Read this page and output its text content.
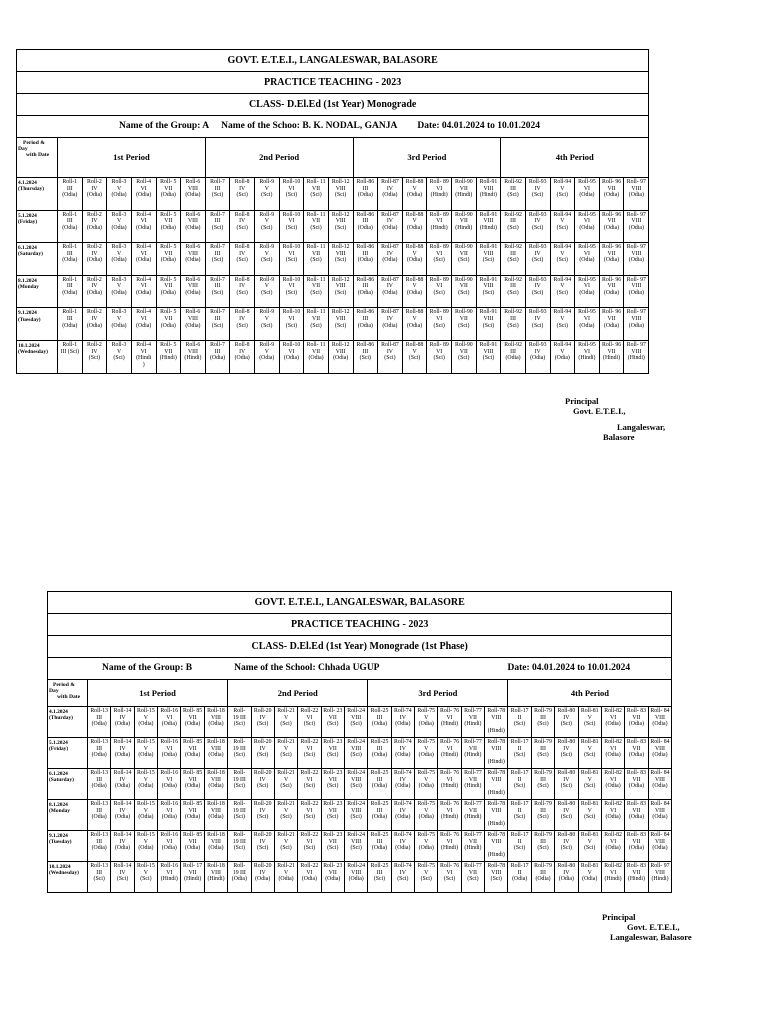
GOVT. E.T.E.I., LANGALESWAR, BALASORE																								
PRACTICE TEACHING - 2023																								
CLASS- D.El.Ed (1st Year) Monograde																								
Name of the Group: A Name of the Schoo: B. K. NODAL, GANJA Date: 04.01.2024 to 10.01.2024																								

Period &
Day
with Date	1st Period						2nd Period						3rd Period						4th Period					

4.1.2024
(Thursday)	Roll-1
III
(Odia)	Roll-2
IV
(Odia)	Roll-3
V
(Odia)	Roll-4
VI
(Odia)	Roll- 5
VII
(Odia)	Roll-6
VIII
(Odia)	Roll-7
III
(Sci)	Roll-8
IV
(Sci)	Roll-9
V
(Sci)	Roll-10
VI
(Sci)	Roll- 11
VII
(Sci)	Roll-12
VIII
(Sci)	Roll-86
III
(Odia)	Roll-87
IV
(Odia)	Roll-88
V
(Odia)	Roll- 89
VI
(Hindi)	Roll-90
VII
(Hindi)	Roll-91
VIII
(Hindi)	Roll-92
III
(Sci)	Roll-93
IV
(Sci)	Roll-94
V
(Sci)	Roll-95
VI
(Odia)	Roll- 96
VII
(Odia)	Roll- 97
VIII
(Odia)

5.1.2024
(Friday)	Roll-1
III
(Odia)	Roll-2
IV
(Odia)	Roll-3
V
(Odia)	Roll-4
VI
(Odia)	Roll- 5
VII
(Odia)	Roll-6
VIII
(Odia)	Roll-7
III
(Sci)	Roll-8
IV
(Sci)	Roll-9
V
(Sci)	Roll-10
VI
(Sci)	Roll- 11
VII
(Sci)	Roll-12
VIII
(Sci)	Roll-86
III
(Odia)	Roll-87
IV
(Odia)	Roll-88
V
(Odia)	Roll- 89
VI
(Hindi)	Roll-90
VII
(Hindi)	Roll-91
VIII
(Hindi)	Roll-92
III
(Sci)	Roll-93
IV
(Sci)	Roll-94
V
(Sci)	Roll-95
VI
(Odia)	Roll- 96
VII
(Odia)	Roll- 97
VIII
(Odia)

6.1.2024
(Saturday)	Roll-1
III
(Odia)	Roll-2
IV
(Odia)	Roll-3
V
(Odia)	Roll-4
VI
(Odia)	Roll- 5
VII
(Odia)	Roll-6
VIII
(Odia)	Roll-7
III
(Sci)	Roll-8
IV
(Sci)	Roll-9
V
(Sci)	Roll-10
VI
(Sci)	Roll- 11
VII
(Sci)	Roll-12
VIII
(Sci)	Roll-86
III
(Odia)	Roll-87
IV
(Odia)	Roll-88
V
(Odia)	Roll- 89
VI
(Sci)	Roll-90
VII
(Sci)	Roll-91
VIII
(Sci)	Roll-92
III
(Sci)	Roll-93
IV
(Sci)	Roll-94
V
(Sci)	Roll-95
VI
(Odia)	Roll- 96
VII
(Odia)	Roll- 97
VIII
(Odia)

8.1.2024
(Monday	Roll-1
III
(Odia)	Roll-2
IV
(Odia)	Roll-3
V
(Odia)	Roll-4
VI
(Odia)	Roll- 5
VII
(Odia)	Roll-6
VIII
(Odia)	Roll-7
III
(Sci)	Roll-8
IV
(Sci)	Roll-9
V
(Sci)	Roll-10
VI
(Sci)	Roll- 11
VII
(Sci)	Roll-12
VIII
(Sci)	Roll-86
III
(Odia)	Roll-87
IV
(Odia)	Roll-88
V
(Odia)	Roll- 89
VI
(Sci)	Roll-90
VII
(Sci)	Roll-91
VIII
(Sci)	Roll-92
III
(Sci)	Roll-93
IV
(Sci)	Roll-94
V
(Sci)	Roll-95
VI
(Odia)	Roll- 96
VII
(Odia)	Roll- 97
VIII
(Odia)

9.1.2024
(Tuesday)	Roll-1
III
(Odia)	Roll-2
IV
(Odia)	Roll-3
V
(Odia)	Roll-4
VI
(Odia)	Roll- 5
VII
(Odia)	Roll-6
VIII
(Odia)	Roll-7
III
(Sci)	Roll-8
IV
(Sci)	Roll-9
V
(Sci)	Roll-10
VI
(Sci)	Roll- 11
VII
(Sci)	Roll-12
VIII
(Sci)	Roll-86
III
(Odia)	Roll-87
IV
(Odia)	Roll-88
V
(Odia)	Roll- 89
VI
(Sci)	Roll-90
VII
(Sci)	Roll-91
VIII
(Sci)	Roll-92
III
(Sci)	Roll-93
IV
(Sci)	Roll-94
V
(Sci)	Roll-95
VI
(Odia)	Roll- 96
VII
(Odia)	Roll- 97
VIII
(Odia)

10.1.2024
(Wednesday)	Roll-1
III (Sci)	Roll-2
IV
(Sci)	Roll-3
V
(Sci)	Roll-4
VI
(Hindi
)	Roll- 5
VII
(Hindi)	Roll-6
VIII
(Hindi)	Roll-7
III
(Odia)	Roll-8
IV
(Odia)	Roll-9
V
(Odia)	Roll-10
VI
(Odia)	Roll- 11
VII
(Odia)	Roll-12
VIII
(Odia)	Roll-86
III
(Sci)	Roll-87
IV
(Sci)	Roll-88
V
(Sci)	Roll- 89
VI
(Sci)	Roll-90
VII
(Sci)	Roll-91
VIII
(Sci)	Roll-92
III
(Odia)	Roll-93
IV
(Odia)	Roll-94
V
(Odia)	Roll-95
VI
(Hindi)	Roll- 96
VII
(Hindi)	Roll- 97
VIII
(Hindi)
Principal
Govt. E.T.E.I.,
Langaleswar,
Balasore
GOVT. E.T.E.I., LANGALESWAR, BALASORE																									
PRACTICE TEACHING - 2023																									
CLASS- D.El.Ed (1st Year) Monograde (1st Phase)																									
Name of the Group: B Name of the School: Chhada UGUP Date: 04.01.2024 to 10.01.2024																									

Period &
Day
with Date	1st Period						2nd Period						3rd Period						4th Period						

4.1.2024
(Thurday)	Roll-13
III
(Odia)	Roll-14
IV
(Odia)	Roll-15
V
(Odia)	Roll-16
VI
(Odia)	Roll- 85
VII
(Odia)	Roll-18
VIII
(Odia)	Roll-
19 III
(Sci)	Roll-20
IV
(Sci)	Roll-21
V
(Sci)	Roll-22
VI
(Sci)	Roll- 23
VII
(Sci)	Roll-24
VIII
(Sci)	Roll-25
III
(Odia)	Roll-74
IV
(Odia)	Roll-75
V
(Odia)	Roll- 76
VI
(Hindi)	Roll-77
VII
(Hindi)	Roll-78
VIII

(Hindi)	Roll-17
II
(Sci)	Roll-79
III
(Sci)	Roll-80
IV
(Sci)	Roll-81
V
(Sci)	Roll-82
VI
(Odia)	Roll- 83
VII
(Odia)	Roll- 84
VIII
(Odia)

5.1.2024
(Friday)	Roll-13
III
(Odia)	Roll-14
IV
(Odia)	Roll-15
V
(Odia)	Roll-16
VI
(Odia)	Roll- 85
VII
(Odia)	Roll-18
VIII
(Odia)	Roll-
19 III
(Sci)	Roll-20
IV
(Sci)	Roll-21
V
(Sci)	Roll-22
VI
(Sci)	Roll- 23
VII
(Sci)	Roll-24
VIII
(Sci)	Roll-25
III
(Odia)	Roll-74
IV
(Odia)	Roll-75
V
(Odia)	Roll- 76
VI
(Hindi)	Roll-77
VII
(Hindi)	Roll-78
VIII

(Hindi)	Roll-17
II
(Sci)	Roll-79
III
(Sci)	Roll-80
IV
(Sci)	Roll-81
V
(Sci)	Roll-82
VI
(Odia)	Roll- 83
VII
(Odia)	Roll- 84
VIII
(Odia)

6.1.2024
(Saturday)	Roll-13
III
(Odia)	Roll-14
IV
(Odia)	Roll-15
V
(Odia)	Roll-16
VI
(Odia)	Roll- 85
VII
(Odia)	Roll-18
VIII
(Odia)	Roll-
19 III
(Sci)	Roll-20
IV
(Sci)	Roll-21
V
(Sci)	Roll-22
VI
(Sci)	Roll- 23
VII
(Sci)	Roll-24
VIII
(Sci)	Roll-25
III
(Odia)	Roll-74
IV
(Odia)	Roll-75
V
(Odia)	Roll- 76
VI
(Hindi)	Roll-77
VII
(Hindi)	Roll-78
VIII

(Hindi)	Roll-17
II
(Sci)	Roll-79
III
(Sci)	Roll-80
IV
(Sci)	Roll-81
V
(Sci)	Roll-82
VI
(Odia)	Roll- 83
VII
(Odia)	Roll- 84
VIII
(Odia)

8.1.2024
(Monday	Roll-13
III
(Odia)	Roll-14
IV
(Odia)	Roll-15
V
(Odia)	Roll-16
VI
(Odia)	Roll- 85
VII
(Odia)	Roll-18
VIII
(Odia)	Roll-
19 III
(Sci)	Roll-20
IV
(Sci)	Roll-21
V
(Sci)	Roll-22
VI
(Sci)	Roll- 23
VII
(Sci)	Roll-24
VIII
(Sci)	Roll-25
III
(Odia)	Roll-74
IV
(Odia)	Roll-75
V
(Odia)	Roll- 76
VI
(Hindi)	Roll-77
VII
(Hindi)	Roll-78
VIII

(Hindi)	Roll-17
II
(Sci)	Roll-79
III
(Sci)	Roll-80
IV
(Sci)	Roll-81
V
(Sci)	Roll-82
VI
(Odia)	Roll- 83
VII
(Odia)	Roll- 84
VIII
(Odia)

9.1.2024
(Tuesday)	Roll-13
III
(Odia)	Roll-14
IV
(Odia)	Roll-15
V
(Odia)	Roll-16
VI
(Odia)	Roll- 85
VII
(Odia)	Roll-18
VIII
(Odia)	Roll-
19 III
(Sci)	Roll-20
IV
(Sci)	Roll-21
V
(Sci)	Roll-22
VI
(Sci)	Roll- 23
VII
(Sci)	Roll-24
VIII
(Sci)	Roll-25
III
(Odia)	Roll-74
IV
(Odia)	Roll-75
V
(Odia)	Roll- 76
VI
(Hindi)	Roll-77
VII
(Hindi)	Roll-78
VIII

(Hindi)	Roll-17
II
(Sci)	Roll-79
III
(Sci)	Roll-80
IV
(Sci)	Roll-81
V
(Sci)	Roll-82
VI
(Odia)	Roll- 83
VII
(Odia)	Roll- 84
VIII
(Odia)

10.1.2024
(Wednesday)	Roll-13
III
(Sci)	Roll-14
IV
(Sci)	Roll-15
V
(Sci)	Roll-16
VI
(Hindi)	Roll- 17
VII
(Hindi)	Roll-18
VIII
(Hindi)	Roll-
19 III
(Odia)	Roll-20
IV
(Odia)	Roll-21
V
(Odia)	Roll-22
VI
(Odia)	Roll- 23
VII
(Odia)	Roll-24
VIII
(Odia)	Roll-25
III
(Sci)	Roll-74
IV
(Sci)	Roll-75
V
(Sci)	Roll- 76
VI
(Sci)	Roll-77
VII
(Sci)	Roll-78
VIII
(Sci)	Roll-17
II
(Odia)	Roll-79
III
(Odia)	Roll-80
IV
(Odia)	Roll-81
V
(Odia)	Roll-82
VI
(Hindi)	Roll- 83
VII
(Hindi)	Roll- 97
VIII
(Hindi)
Principal
Govt. E.T.E.I.,
Langaleswar, Balasore
